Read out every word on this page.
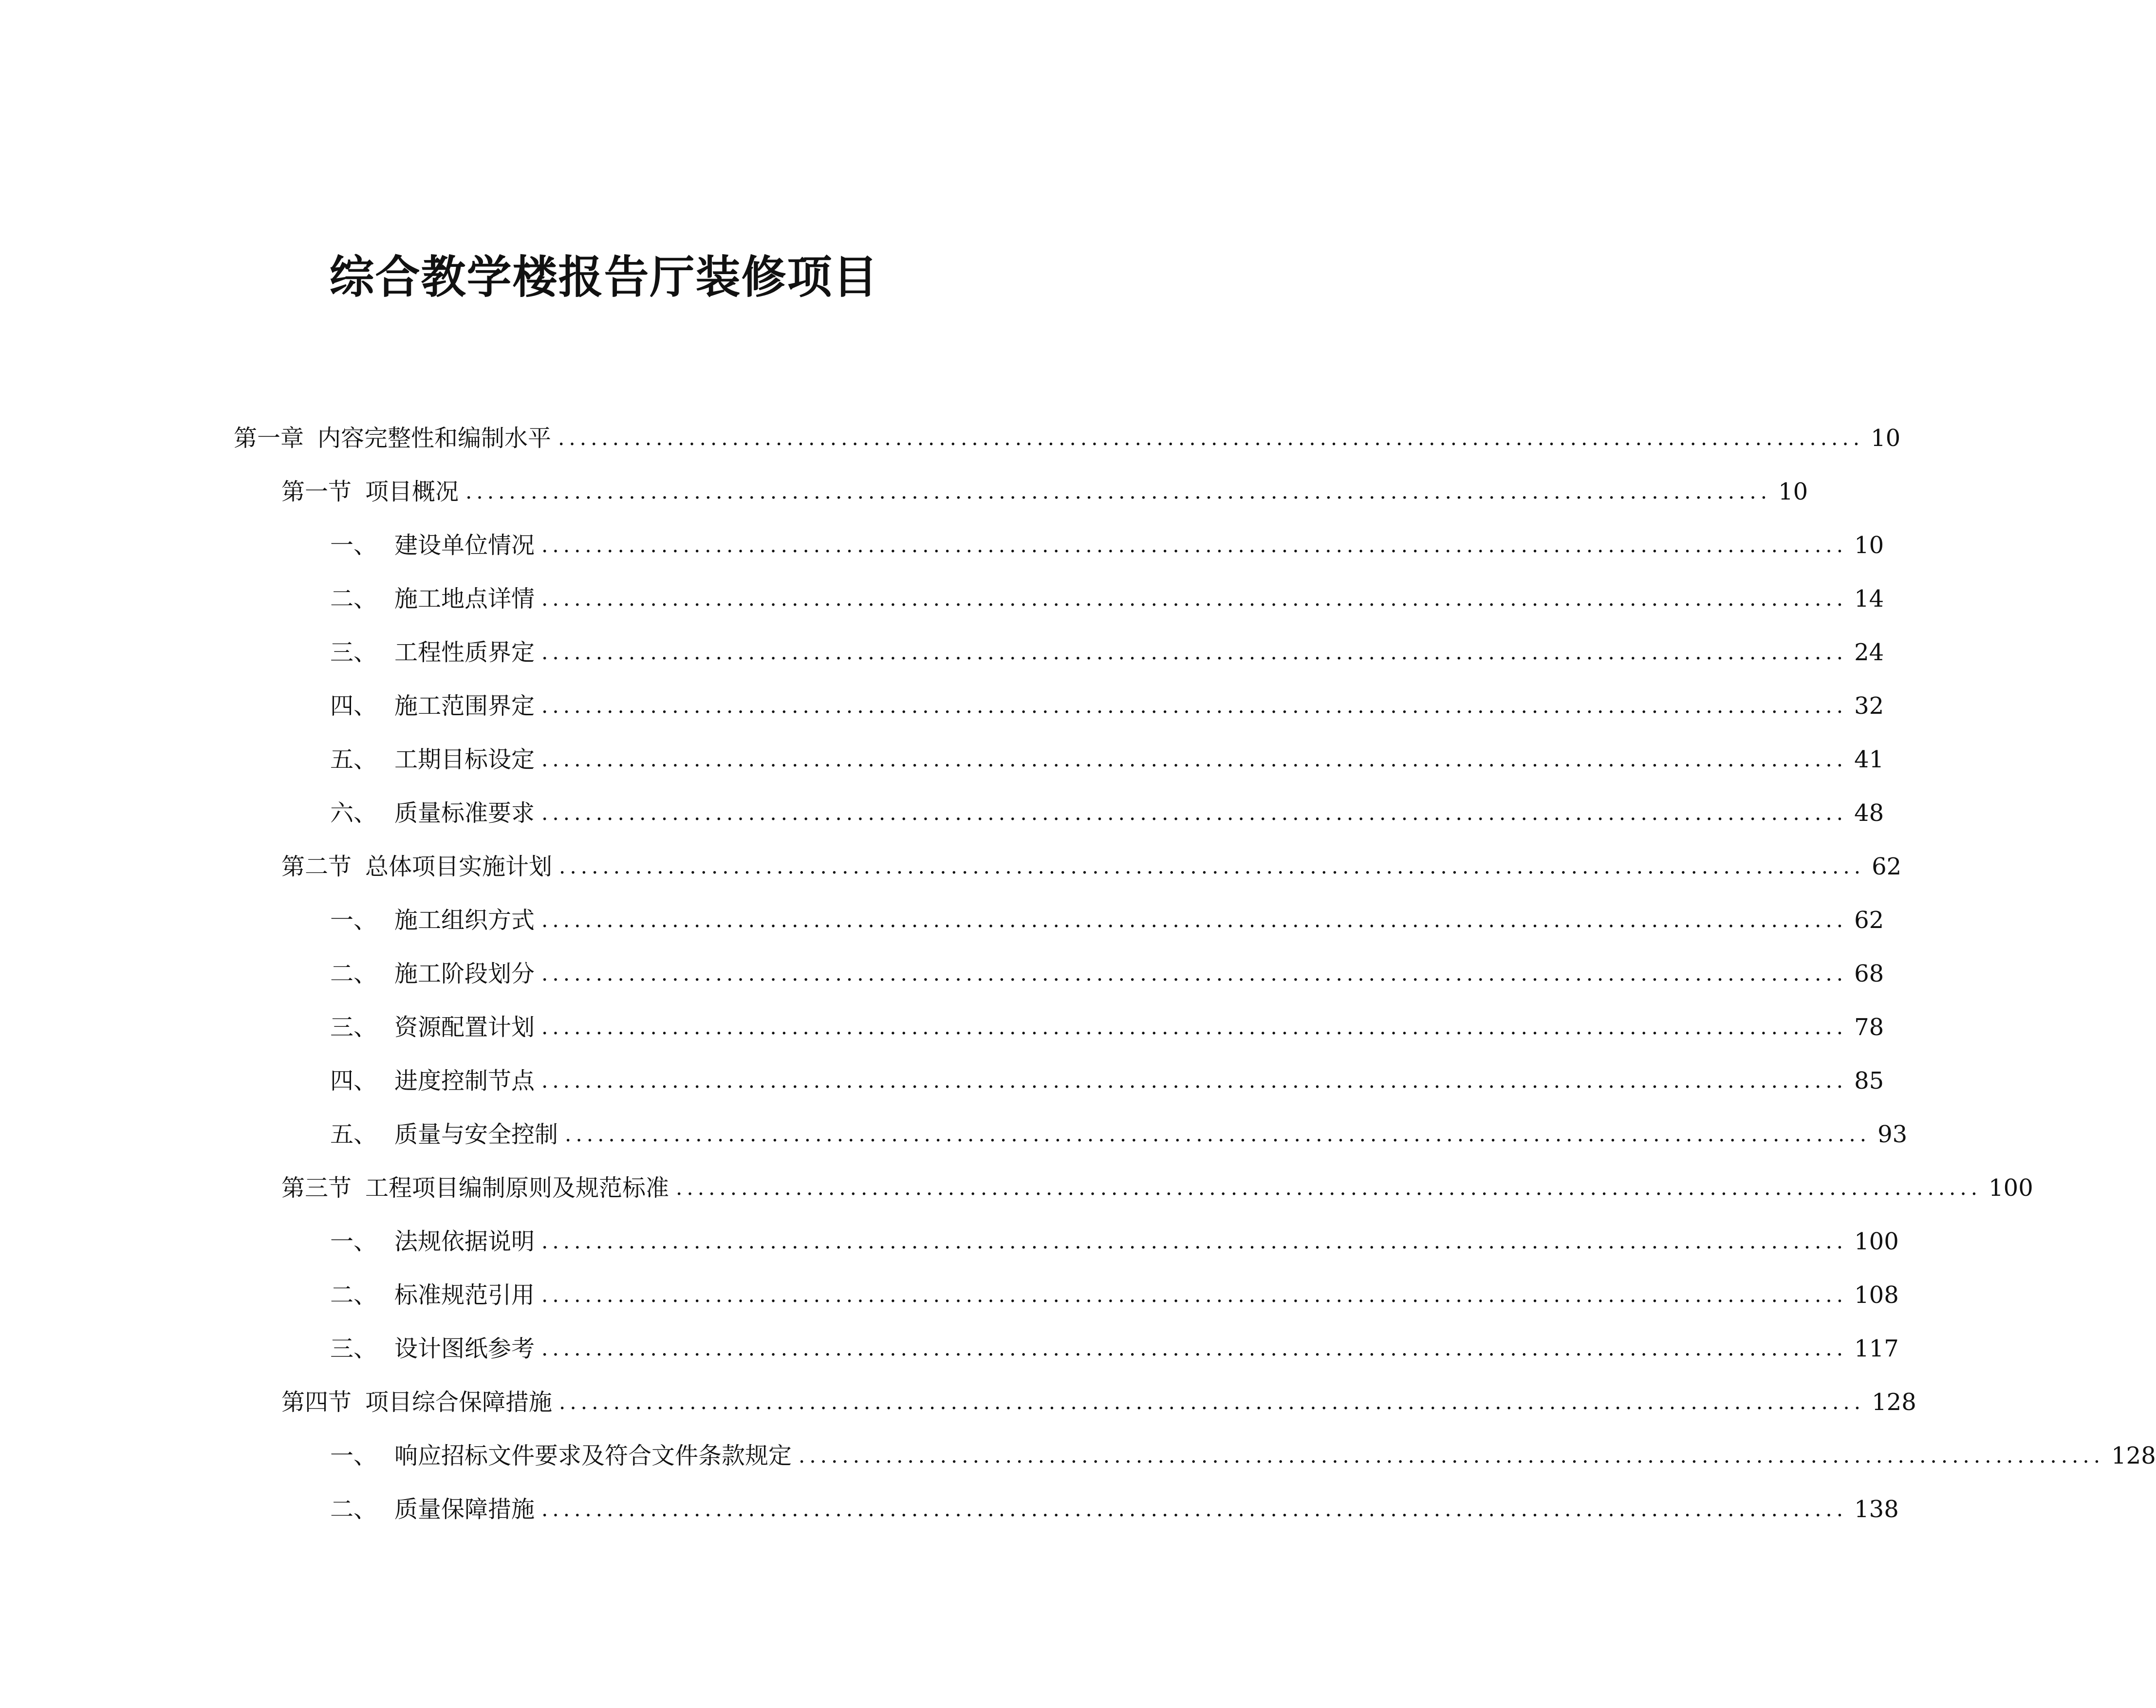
综合教学楼报告厅装修项目
第一章 内容完整性和编制水平 ........................................................................................................................ 10
第一节 项目概况 ........................................................................................................................ 10
一、 建设单位情况 ........................................................................................................................ 10
二、 施工地点详情 ........................................................................................................................ 14
三、 工程性质界定 ........................................................................................................................ 24
四、 施工范围界定 ........................................................................................................................ 32
五、 工期目标设定 ........................................................................................................................ 41
六、 质量标准要求 ........................................................................................................................ 48
第二节 总体项目实施计划 ........................................................................................................................ 62
一、 施工组织方式 ........................................................................................................................ 62
二、 施工阶段划分 ........................................................................................................................ 68
三、 资源配置计划 ........................................................................................................................ 78
四、 进度控制节点 ........................................................................................................................ 85
五、 质量与安全控制 ........................................................................................................................ 93
第三节 工程项目编制原则及规范标准 ........................................................................................................................ 100
一、 法规依据说明 ........................................................................................................................ 100
二、 标准规范引用 ........................................................................................................................ 108
三、 设计图纸参考 ........................................................................................................................ 117
第四节 项目综合保障措施 ........................................................................................................................ 128
一、 响应招标文件要求及符合文件条款规定 ........................................................................................................................ 128
二、 质量保障措施 ........................................................................................................................ 138
